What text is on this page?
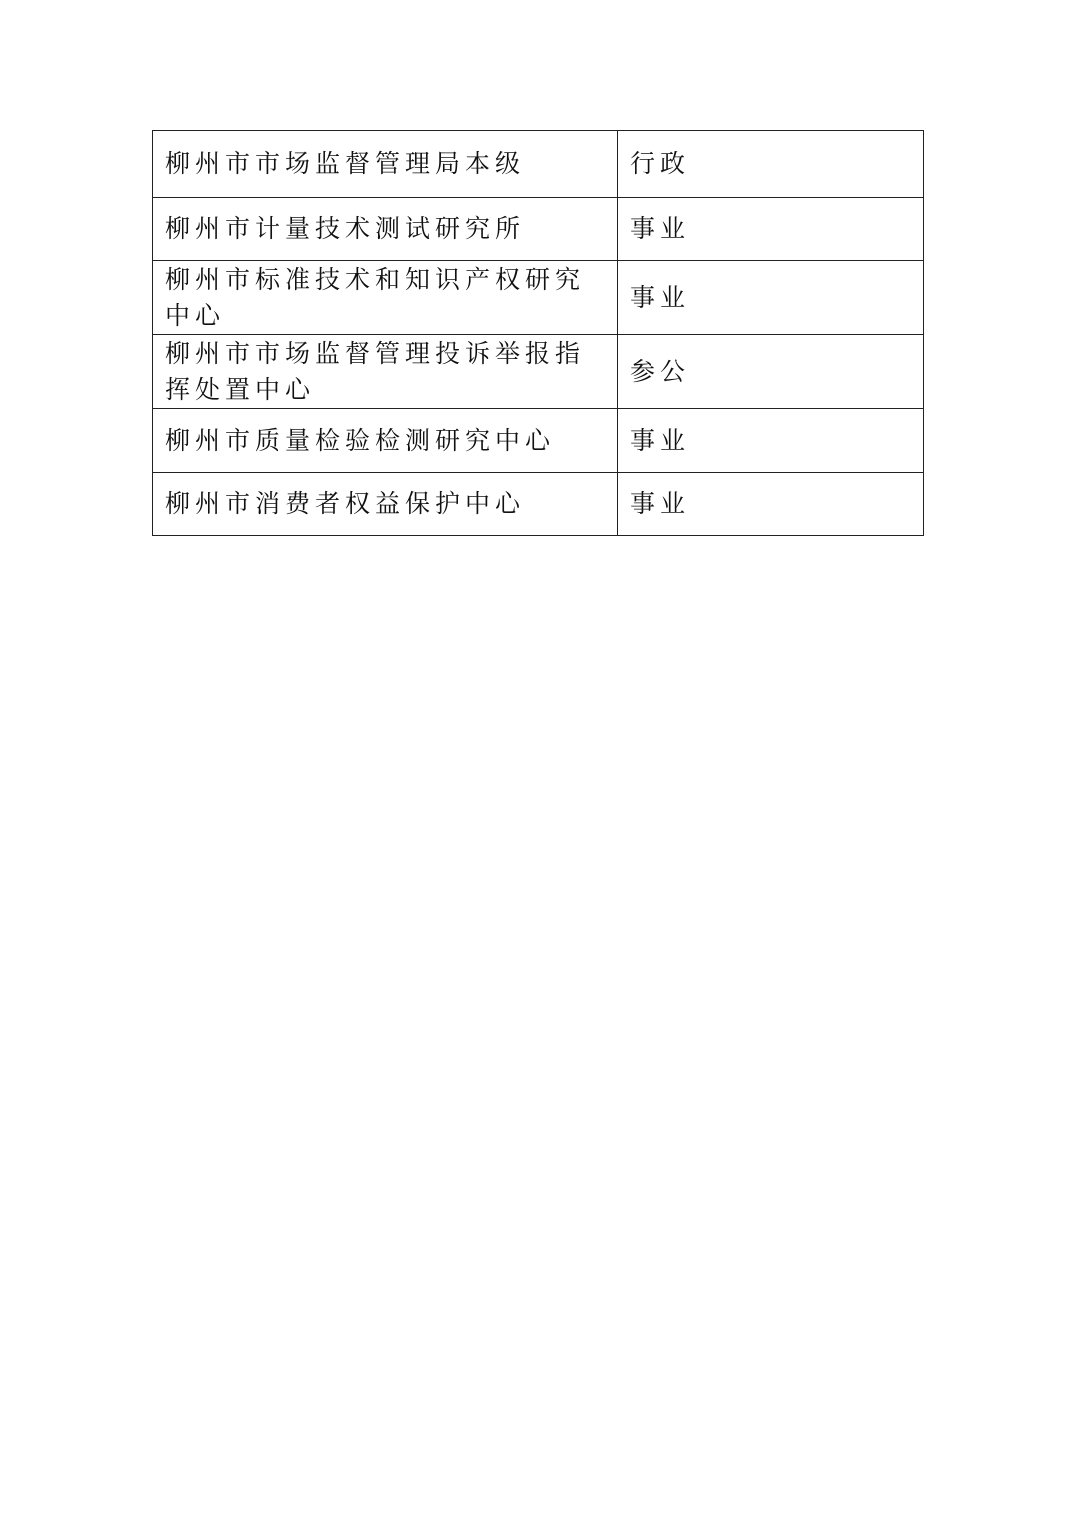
柳州市市场监督管理局本级	行政
柳州市计量技术测试研究所	事业
柳州市标准技术和知识产权研究中心	事业
柳州市市场监督管理投诉举报指挥处置中心	参公
柳州市质量检验检测研究中心	事业
柳州市消费者权益保护中心	事业
